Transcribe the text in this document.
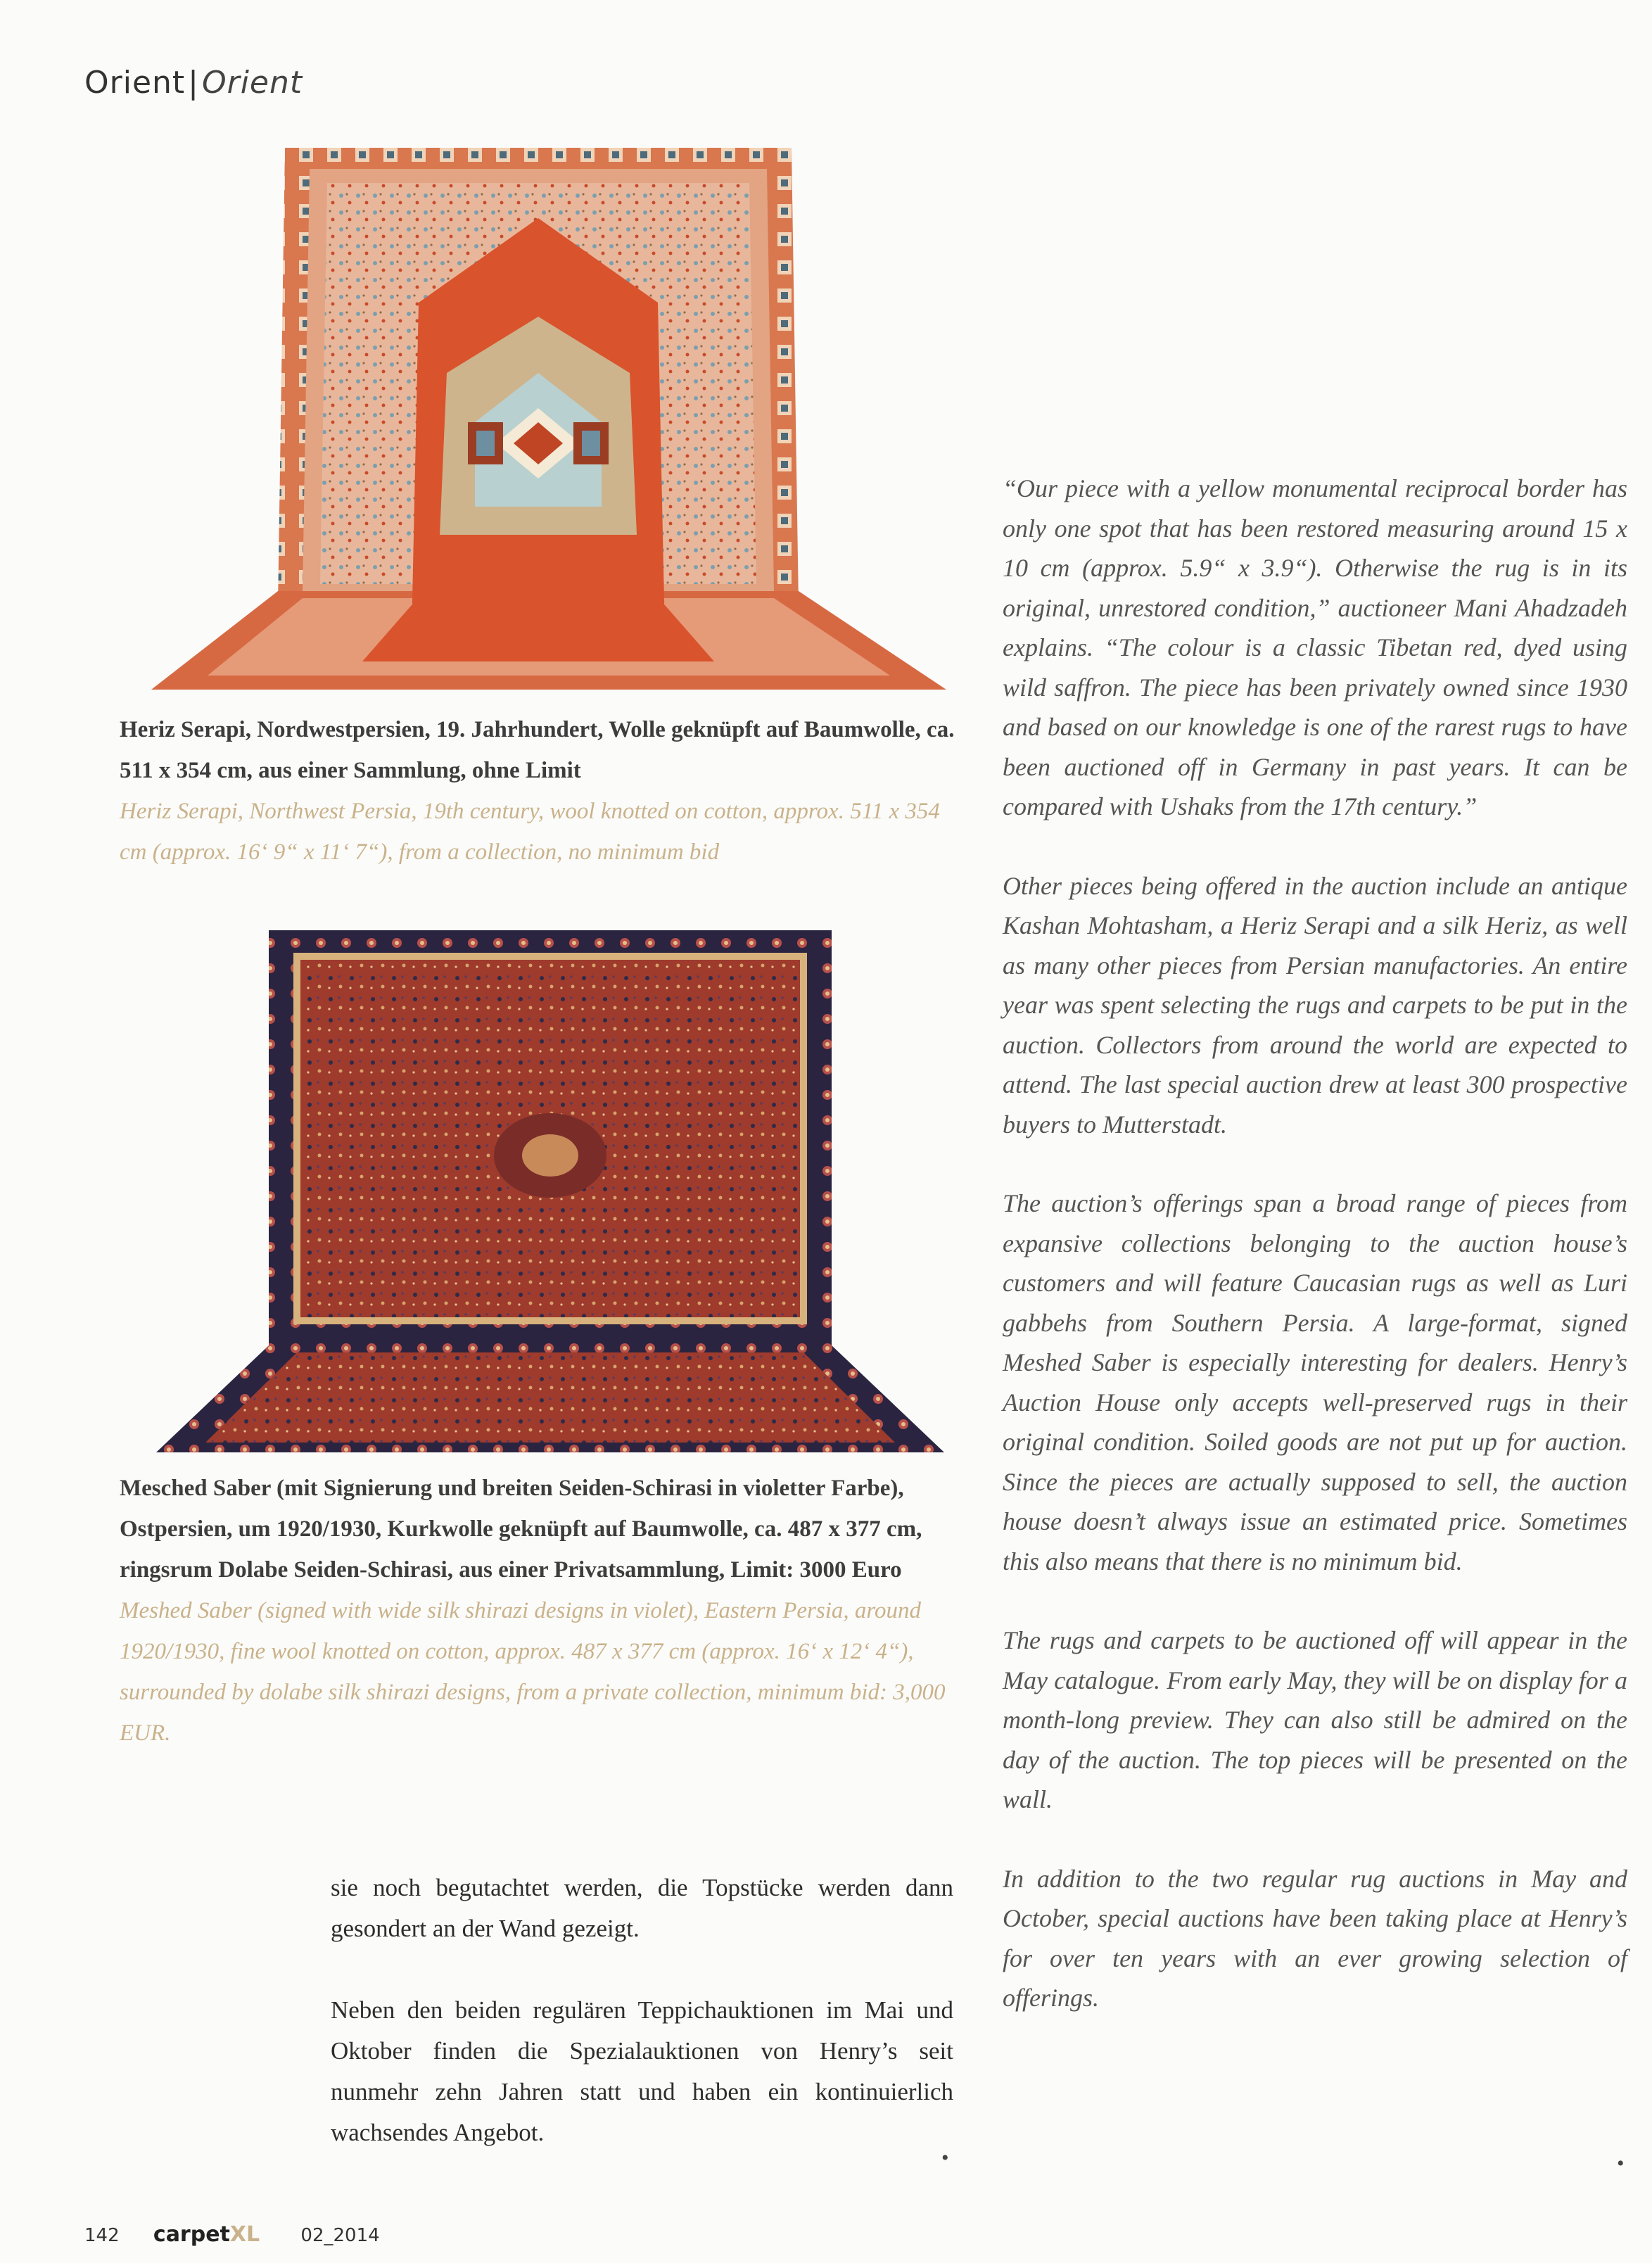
Orient|Orient
Heriz Serapi, Nordwestpersien, 19. Jahrhundert, Wolle geknüpft auf Baumwolle, ca. 511 x 354 cm, aus einer Sammlung, ohne Limit
Heriz Serapi, Northwest Persia, 19th century, wool knotted on cotton, approx. 511 x 354 cm (approx. 16‘ 9“ x 11‘ 7“), from a collection, no minimum bid
Mesched Saber (mit Signierung und breiten Seiden-Schirasi in violetter Farbe), Ostpersien, um 1920/1930, Kurkwolle geknüpft auf Baumwolle, ca. 487 x 377 cm, ringsrum Dolabe Seiden-Schirasi, aus einer Privatsammlung, Limit: 3000 Euro
Meshed Saber (signed with wide silk shirazi designs in violet), Eastern Persia, around 1920/1930, fine wool knotted on cotton, approx. 487 x 377 cm (approx. 16‘ x 12‘ 4“), surrounded by dolabe silk shirazi designs, from a private collection, minimum bid: 3,000 EUR.

sie noch begutachtet werden, die Topstücke werden dann gesondert an der Wand gezeigt.

Neben den beiden regulären Teppichauktionen im Mai und Oktober finden die Spezialauktionen von Henry’s seit nunmehr zehn Jahren statt und haben ein kontinuierlich wachsendes Angebot.

•

“Our piece with a yellow monumental reciprocal border has only one spot that has been restored measuring around 15 x 10 cm (approx. 5.9“ x 3.9“). Otherwise the rug is in its original, unrestored condition,” auctioneer Mani Ahadzadeh explains. “The colour is a classic Tibetan red, dyed using wild saffron. The piece has been privately owned since 1930 and based on our knowledge is one of the rarest rugs to have been auctioned off in Germany in past years. It can be compared with Ushaks from the 17th century.”

Other pieces being offered in the auction include an antique Kashan Mohtasham, a Heriz Serapi and a silk Heriz, as well as many other pieces from Persian manufactories. An entire year was spent selecting the rugs and carpets to be put in the auction. Collectors from around the world are expected to attend. The last special auction drew at least 300 prospective buyers to Mutterstadt.

The auction’s offerings span a broad range of pieces from expansive collections belonging to the auction house’s customers and will feature Caucasian rugs as well as Luri gabbehs from Southern Persia. A large-format, signed Meshed Saber is especially interesting for dealers. Henry’s Auction House only accepts well-preserved rugs in their original condition. Soiled goods are not put up for auction. Since the pieces are actually supposed to sell, the auction house doesn’t always issue an estimated price. Sometimes this also means that there is no minimum bid.

The rugs and carpets to be auctioned off will appear in the May catalogue. From early May, they will be on display for a month-long preview. They can also still be admired on the day of the auction. The top pieces will be presented on the wall.

In addition to the two regular rug auctions in May and October, special auctions have been taking place at Henry’s for over ten years with an ever growing selection of offerings.

•
142 carpetXL 02_2014
